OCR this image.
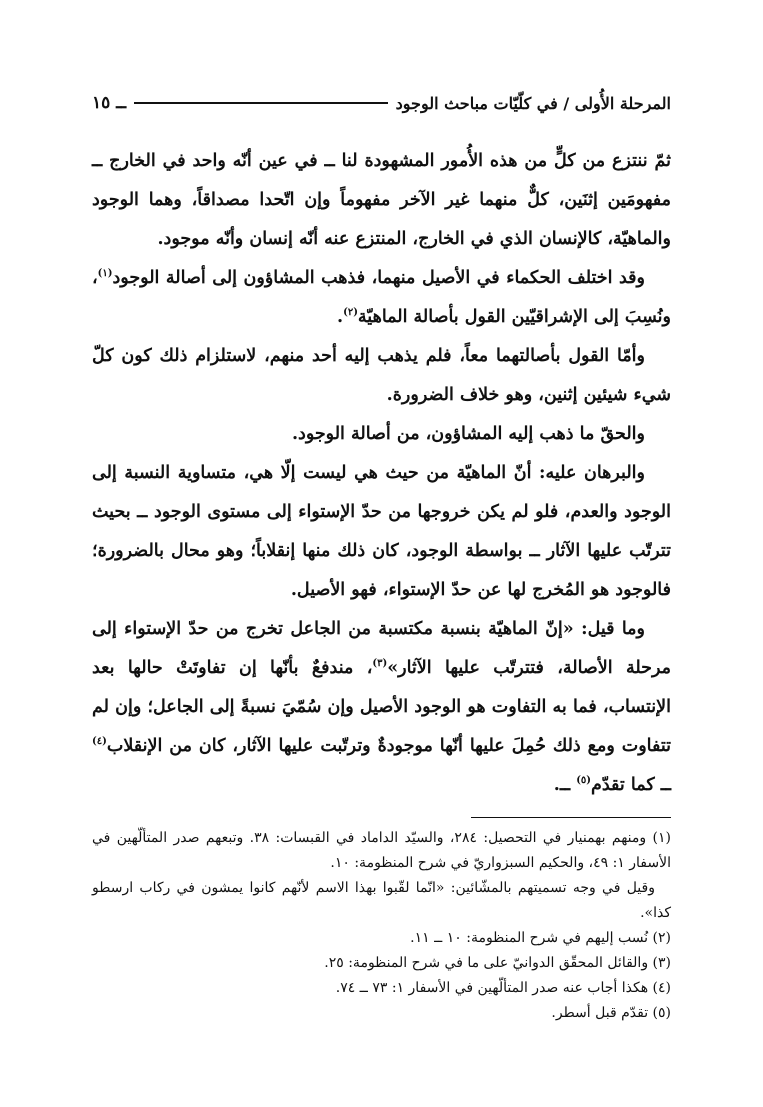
المرحلة الأُولى / في كلّيّات مباحث الوجود
ــ ١٥

ثمّ ننتزع من كلٍّ من هذه الأُمور المشهودة لنا ــ في عين أنّه واحد في الخارج ــ مفهومَين إثنَين، كلٌّ منهما غير الآخر مفهوماً وإن اتّحدا مصداقاً، وهما الوجود والماهيّة، كالإنسان الذي في الخارج، المنتزع عنه أنّه إنسان وأنّه موجود.

وقد اختلف الحكماء في الأصيل منهما، فذهب المشاؤون إلى أصالة الوجود$^{(١)}$، ونُسِبَ إلى الإشراقيّين القول بأصالة الماهيّة$^{(٢)}$.

وأمّا القول بأصالتهما معاً، فلم يذهب إليه أحد منهم، لاستلزام ذلك كون كلّ شيء شيئين إثنين، وهو خلاف الضرورة.

والحقّ ما ذهب إليه المشاؤون، من أصالة الوجود.

والبرهان عليه: أنّ الماهيّة من حيث هي ليست إلّا هي، متساوية النسبة إلى الوجود والعدم، فلو لم يكن خروجها من حدّ الإستواء إلى مستوى الوجود ــ بحيث تترتّب عليها الآثار ــ بواسطة الوجود، كان ذلك منها إنقلاباً؛ وهو محال بالضرورة؛ فالوجود هو المُخرج لها عن حدّ الإستواء، فهو الأصيل.

وما قيل: «إنّ الماهيّة بنسبة مكتسبة من الجاعل تخرج من حدّ الإستواء إلى مرحلة الأصالة، فتترتّب عليها الآثار»$^{(٣)}$، مندفعٌ بأنّها إن تفاوتَتْ حالها بعد الإنتساب، فما به التفاوت هو الوجود الأصيل وإن سُمّيَ نسبةً إلى الجاعل؛ وإن لم تتفاوت ومع ذلك حُمِلَ عليها أنّها موجودةٌ وترتّبت عليها الآثار، كان من الإنقلاب$^{(٤)}$ ــ كما تقدّم$^{(٥)}$ ــ.

(١) ومنهم بهمنيار في التحصيل: ٢٨٤، والسيّد الداماد في القبسات: ٣٨. وتبعهم صدر المتألّهين في الأسفار ١: ٤٩، والحكيم السبزواريّ في شرح المنظومة: ١٠.

وقيل في وجه تسميتهم بالمشّائين: «انّما لقّبوا بهذا الاسم لأنّهم كانوا يمشون في ركاب ارسطو كذا».

(٢) نُسب إليهم في شرح المنظومة: ١٠ ــ ١١.

(٣) والقائل المحقّق الدوانيّ على ما في شرح المنظومة: ٢٥.

(٤) هكذا أجاب عنه صدر المتألّهين في الأسفار ١: ٧٣ ــ ٧٤.

(٥) تقدّم قبل أسطر.
